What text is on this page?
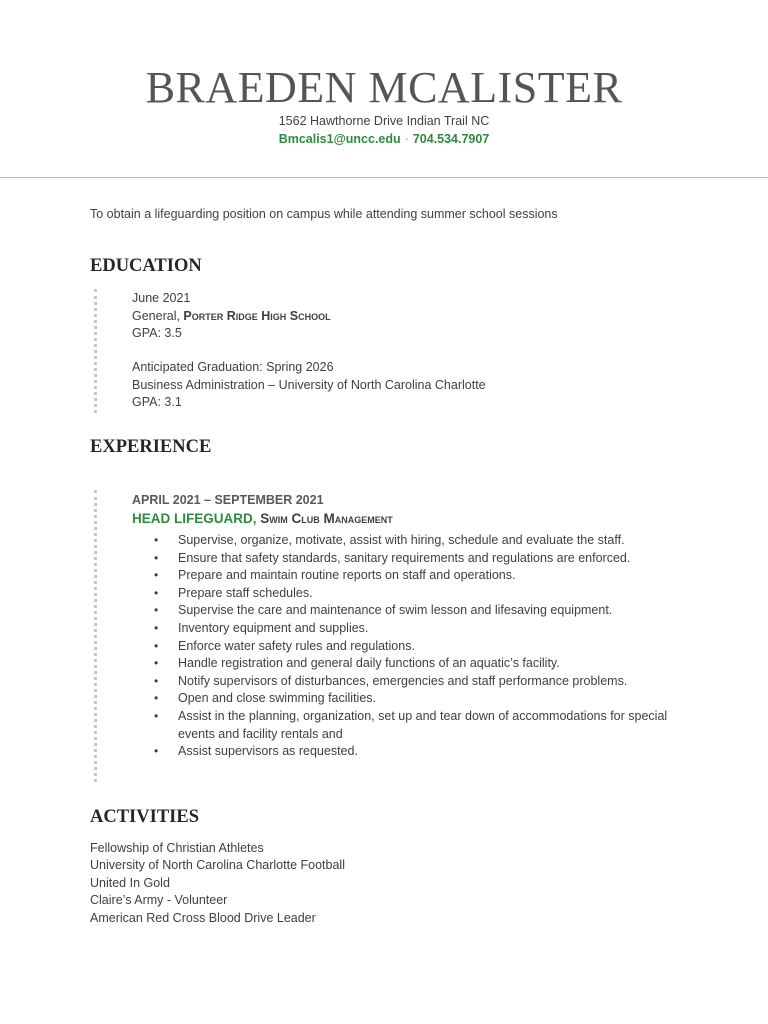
BRAEDEN MCALISTER
1562 Hawthorne Drive Indian Trail NC
Bmcalis1@uncc.edu · 704.534.7907
To obtain a lifeguarding position on campus while attending summer school sessions
EDUCATION
June 2021
General, Porter Ridge High School
GPA: 3.5
Anticipated Graduation: Spring 2026
Business Administration – University of North Carolina Charlotte
GPA: 3.1
EXPERIENCE
APRIL 2021 – SEPTEMBER 2021
HEAD LIFEGUARD, Swim Club Management
• Supervise, organize, motivate, assist with hiring, schedule and evaluate the staff.
• Ensure that safety standards, sanitary requirements and regulations are enforced.
• Prepare and maintain routine reports on staff and operations.
• Prepare staff schedules.
• Supervise the care and maintenance of swim lesson and lifesaving equipment.
• Inventory equipment and supplies.
• Enforce water safety rules and regulations.
• Handle registration and general daily functions of an aquatic’s facility.
• Notify supervisors of disturbances, emergencies and staff performance problems.
• Open and close swimming facilities.
• Assist in the planning, organization, set up and tear down of accommodations for special events and facility rentals and
• Assist supervisors as requested.
ACTIVITIES
Fellowship of Christian Athletes
University of North Carolina Charlotte Football
United In Gold
Claire’s Army - Volunteer
American Red Cross Blood Drive Leader
